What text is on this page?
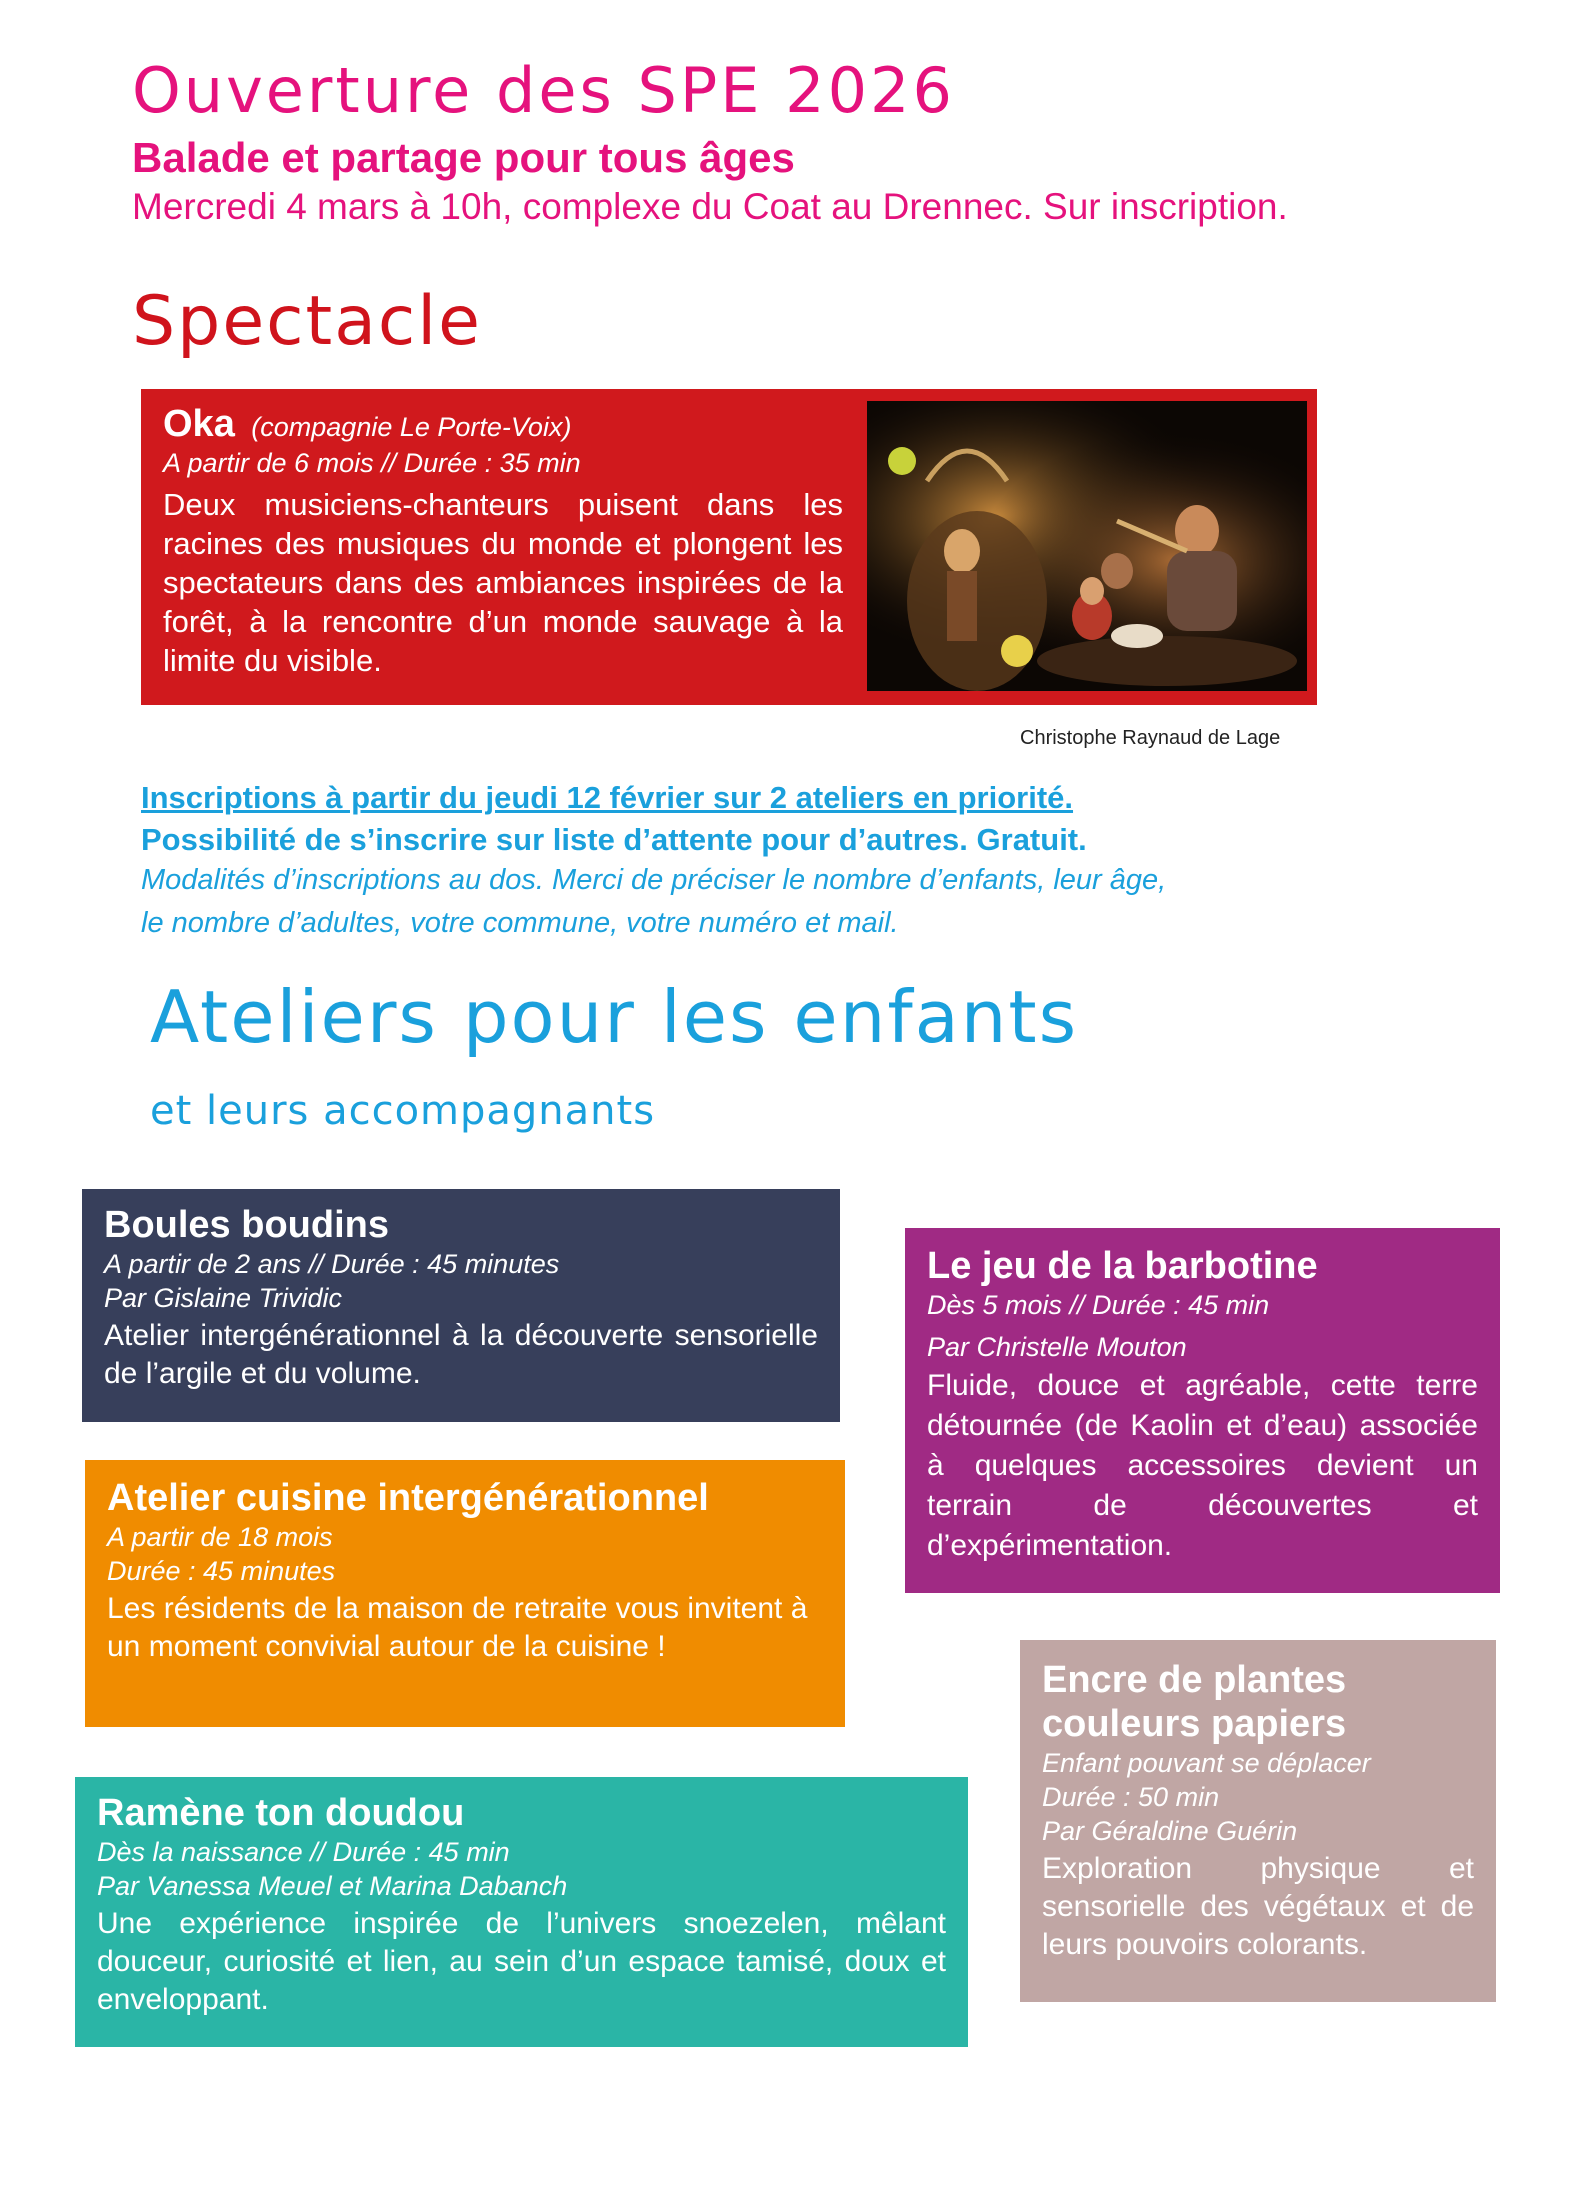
Ouverture des SPE 2026
Balade et partage pour tous âges
Mercredi 4 mars à 10h, complexe du Coat au Drennec. Sur inscription.
Spectacle
Oka (compagnie Le Porte-Voix)
A partir de 6 mois // Durée : 35 min
Deux musiciens-chanteurs puisent dans les racines des musiques du monde et plongent les spectateurs dans des ambiances inspirées de la forêt, à la rencontre d’un monde sauvage à la limite du visible.
Christophe Raynaud de Lage
Inscriptions à partir du jeudi 12 février sur 2 ateliers en priorité.
Possibilité de s’inscrire sur liste d’attente pour d’autres. Gratuit.
Modalités d’inscriptions au dos. Merci de préciser le nombre d’enfants, leur âge,
le nombre d’adultes, votre commune, votre numéro et mail.
Ateliers pour les enfants
et leurs accompagnants
Boules boudins
A partir de 2 ans // Durée : 45 minutes
Par Gislaine Trividic
Atelier intergénérationnel à la découverte sensorielle de l’argile et du volume.
Atelier cuisine intergénérationnel
A partir de 18 mois
Durée : 45 minutes
Les résidents de la maison de retraite vous invitent à un moment convivial autour de la cuisine !
Ramène ton doudou
Dès la naissance // Durée : 45 min
Par Vanessa Meuel et Marina Dabanch
Une expérience inspirée de l’univers snoezelen, mêlant douceur, curiosité et lien, au sein d’un espace tamisé, doux et enveloppant.
Le jeu de la barbotine
Dès 5 mois // Durée : 45 min
Par Christelle Mouton
Fluide, douce et agréable, cette terre détournée (de Kaolin et d’eau) associée à quelques accessoires devient un terrain de découvertes et d’expérimentation.
Encre de plantes couleurs papiers
Enfant pouvant se déplacer
Durée : 50 min
Par Géraldine Guérin
Exploration physique et sensorielle des végétaux et de leurs pouvoirs colorants.
